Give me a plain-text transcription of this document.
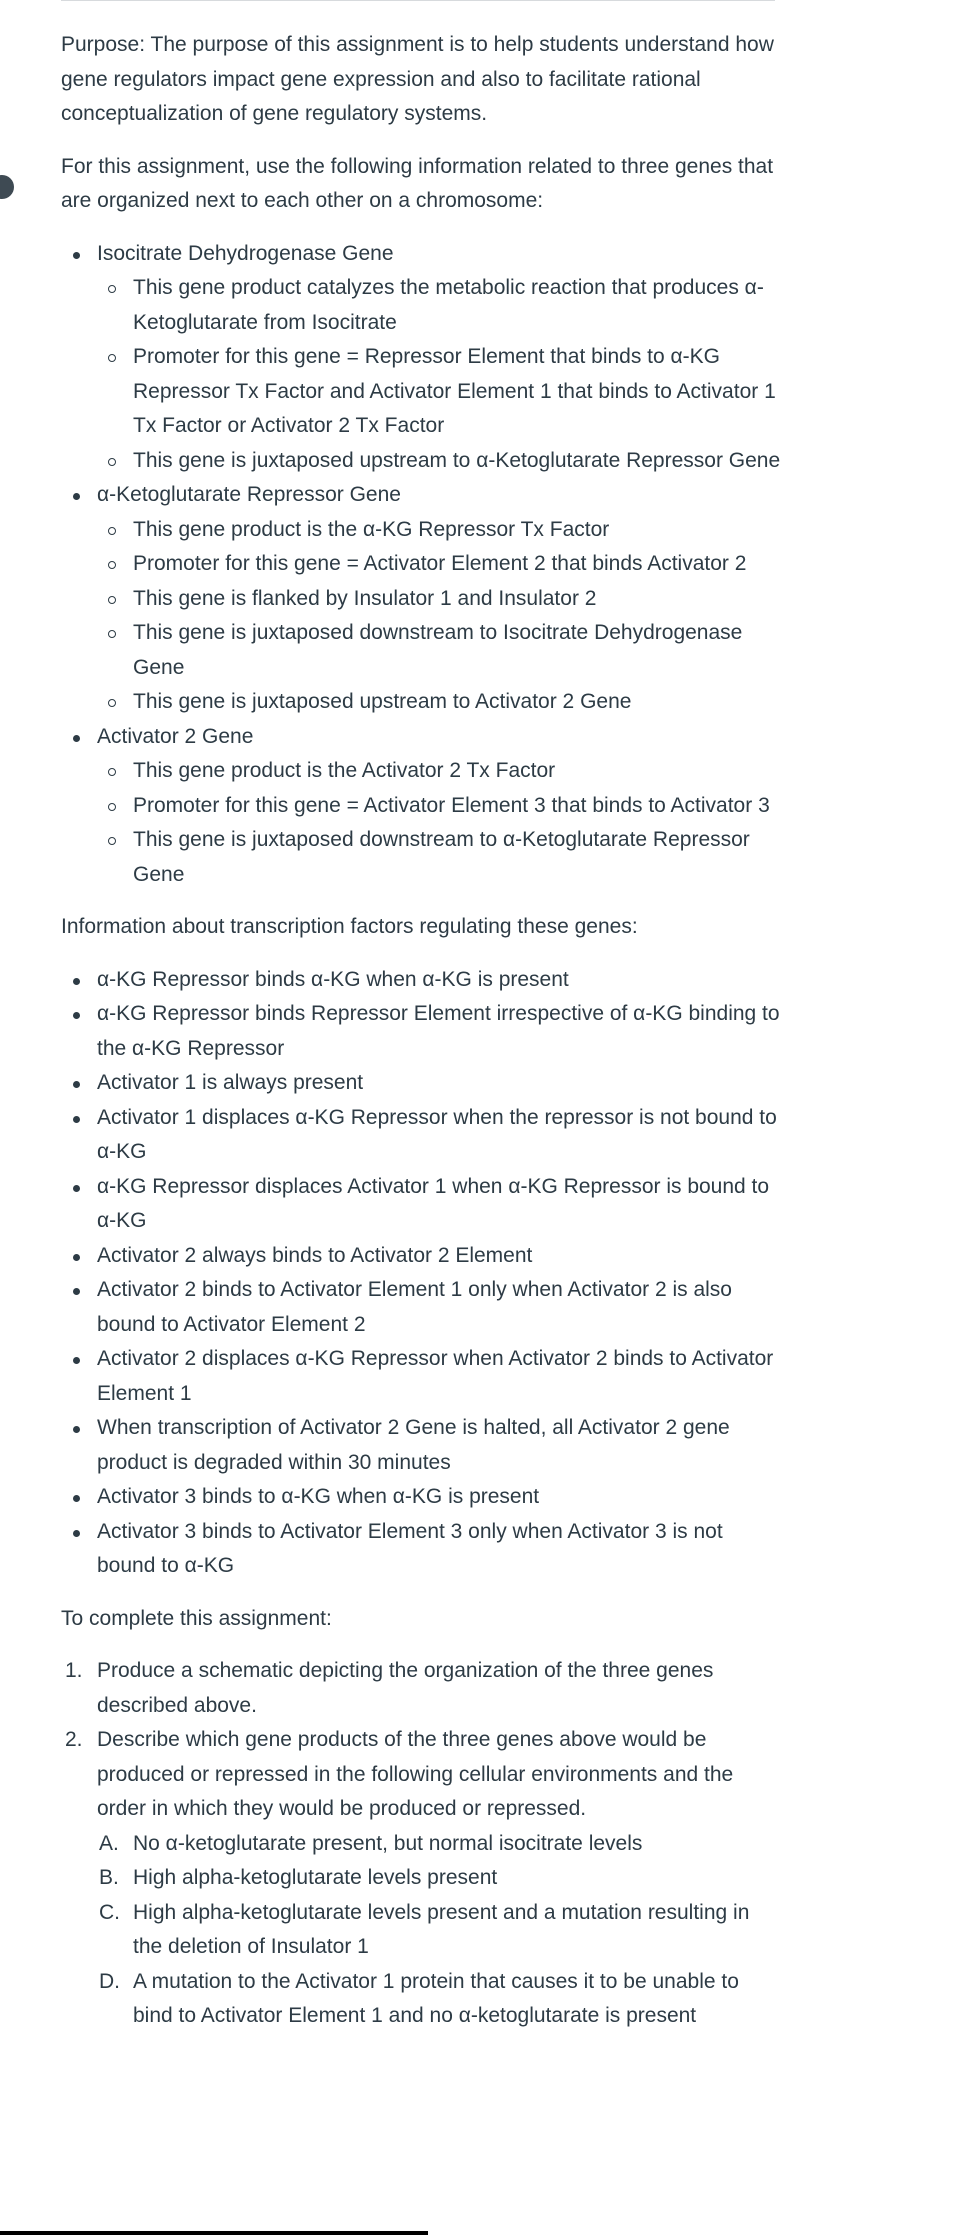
Purpose: The purpose of this assignment is to help students understand how gene regulators impact gene expression and also to facilitate rational conceptualization of gene regulatory systems.

For this assignment, use the following information related to three genes that are organized next to each other on a chromosome:

Isocitrate Dehydrogenase Gene
This gene product catalyzes the metabolic reaction that produces α-Ketoglutarate from Isocitrate
Promoter for this gene = Repressor Element that binds to α-KG Repressor Tx Factor and Activator Element 1 that binds to Activator 1 Tx Factor or Activator 2 Tx Factor
This gene is juxtaposed upstream to α-Ketoglutarate Repressor Gene
α-Ketoglutarate Repressor Gene
This gene product is the α-KG Repressor Tx Factor
Promoter for this gene = Activator Element 2 that binds Activator 2
This gene is flanked by Insulator 1 and Insulator 2
This gene is juxtaposed downstream to Isocitrate Dehydrogenase Gene
This gene is juxtaposed upstream to Activator 2 Gene
Activator 2 Gene
This gene product is the Activator 2 Tx Factor
Promoter for this gene = Activator Element 3 that binds to Activator 3
This gene is juxtaposed downstream to α-Ketoglutarate Repressor Gene

Information about transcription factors regulating these genes:

α-KG Repressor binds α-KG when α-KG is present
α-KG Repressor binds Repressor Element irrespective of α-KG binding to the α-KG Repressor
Activator 1 is always present
Activator 1 displaces α-KG Repressor when the repressor is not bound to α-KG
α-KG Repressor displaces Activator 1 when α-KG Repressor is bound to α-KG
Activator 2 always binds to Activator 2 Element
Activator 2 binds to Activator Element 1 only when Activator 2 is also bound to Activator Element 2
Activator 2 displaces α-KG Repressor when Activator 2 binds to Activator Element 1
When transcription of Activator 2 Gene is halted, all Activator 2 gene product is degraded within 30 minutes
Activator 3 binds to α-KG when α-KG is present
Activator 3 binds to Activator Element 3 only when Activator 3 is not bound to α-KG

To complete this assignment:

1. Produce a schematic depicting the organization of the three genes described above.
2. Describe which gene products of the three genes above would be produced or repressed in the following cellular environments and the order in which they would be produced or repressed.
A. No α-ketoglutarate present, but normal isocitrate levels
B. High alpha-ketoglutarate levels present
C. High alpha-ketoglutarate levels present and a mutation resulting in the deletion of Insulator 1
D. A mutation to the Activator 1 protein that causes it to be unable to bind to Activator Element 1 and no α-ketoglutarate is present
